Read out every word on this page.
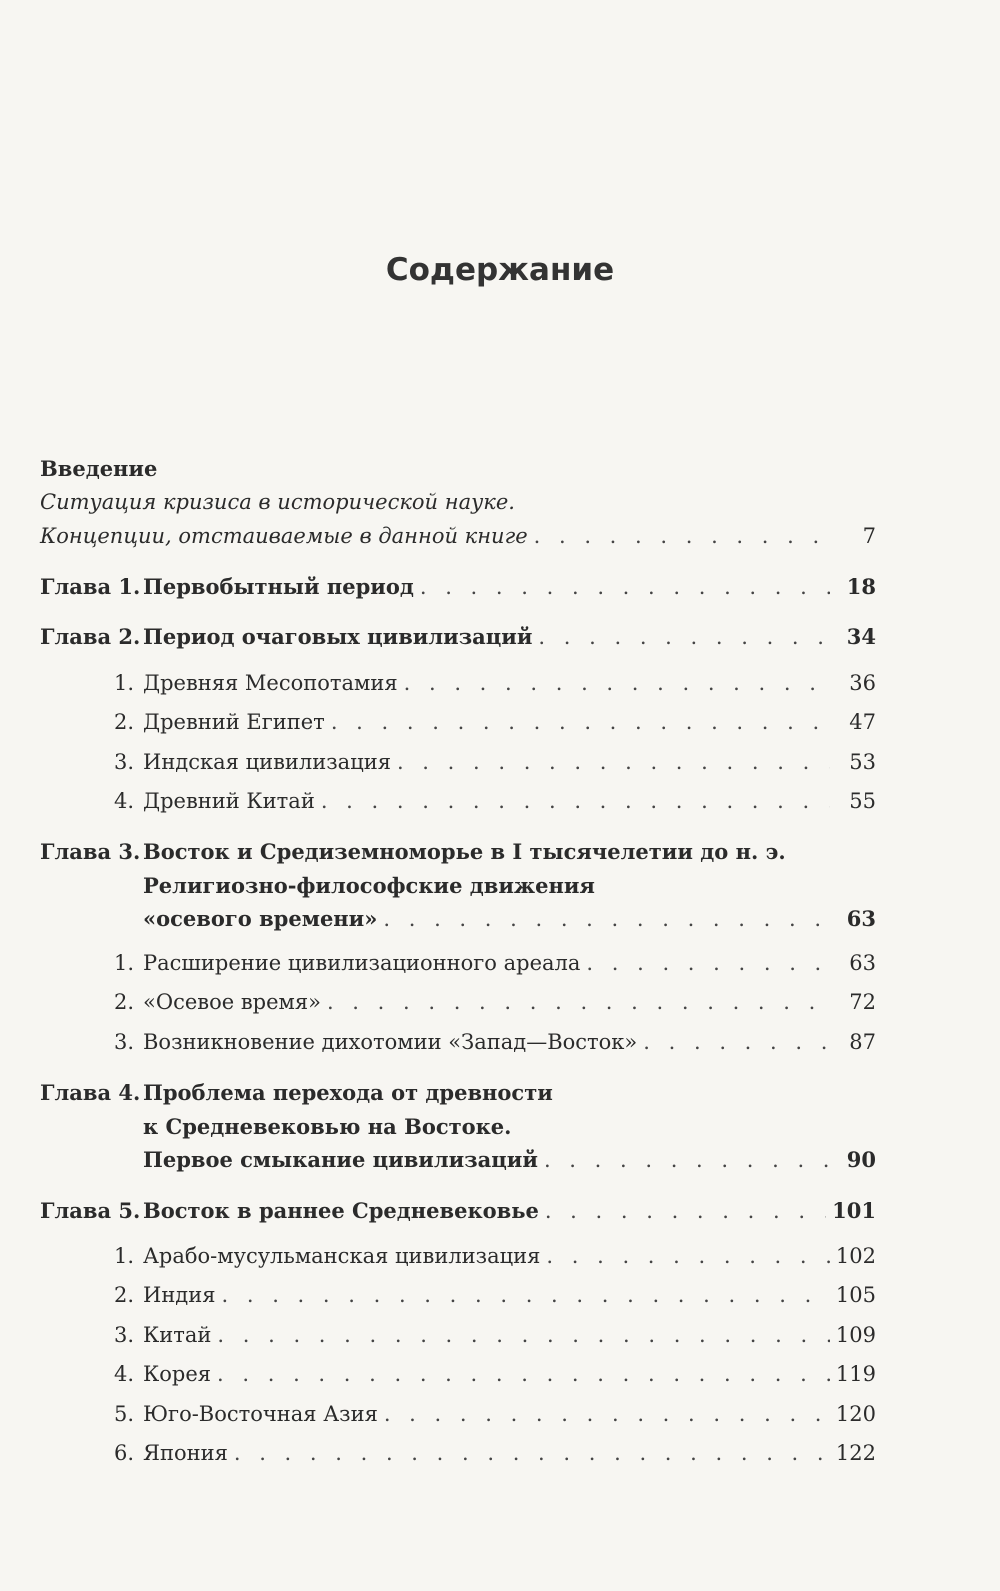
Содержание
Введение
Ситуация кризиса в исторической науке.
Концепции, отстаиваемые в данной книге . . .	7
Глава 1. Первобытный период . . .	18
Глава 2. Период очаговых цивилизаций . . .	34
1. Древняя Месопотамия . . .	36
2. Древний Египет . . .	47
3. Индская цивилизация . . .	53
4. Древний Китай . . .	55
Глава 3. Восток и Средиземноморье в I тысячелетии до н. э.
Религиозно-философские движения
«осевого времени» . . .	63
1. Расширение цивилизационного ареала . . .	63
2. «Осевое время» . . .	72
3. Возникновение дихотомии «Запад—Восток» . . .	87
Глава 4. Проблема перехода от древности
к Средневековью на Востоке.
Первое смыкание цивилизаций . . .	90
Глава 5. Восток в раннее Средневековье . . .	101
1. Арабо-мусульманская цивилизация . . .	102
2. Индия . . .	105
3. Китай . . .	109
4. Корея . . .	119
5. Юго-Восточная Азия . . .	120
6. Япония . . .	122
